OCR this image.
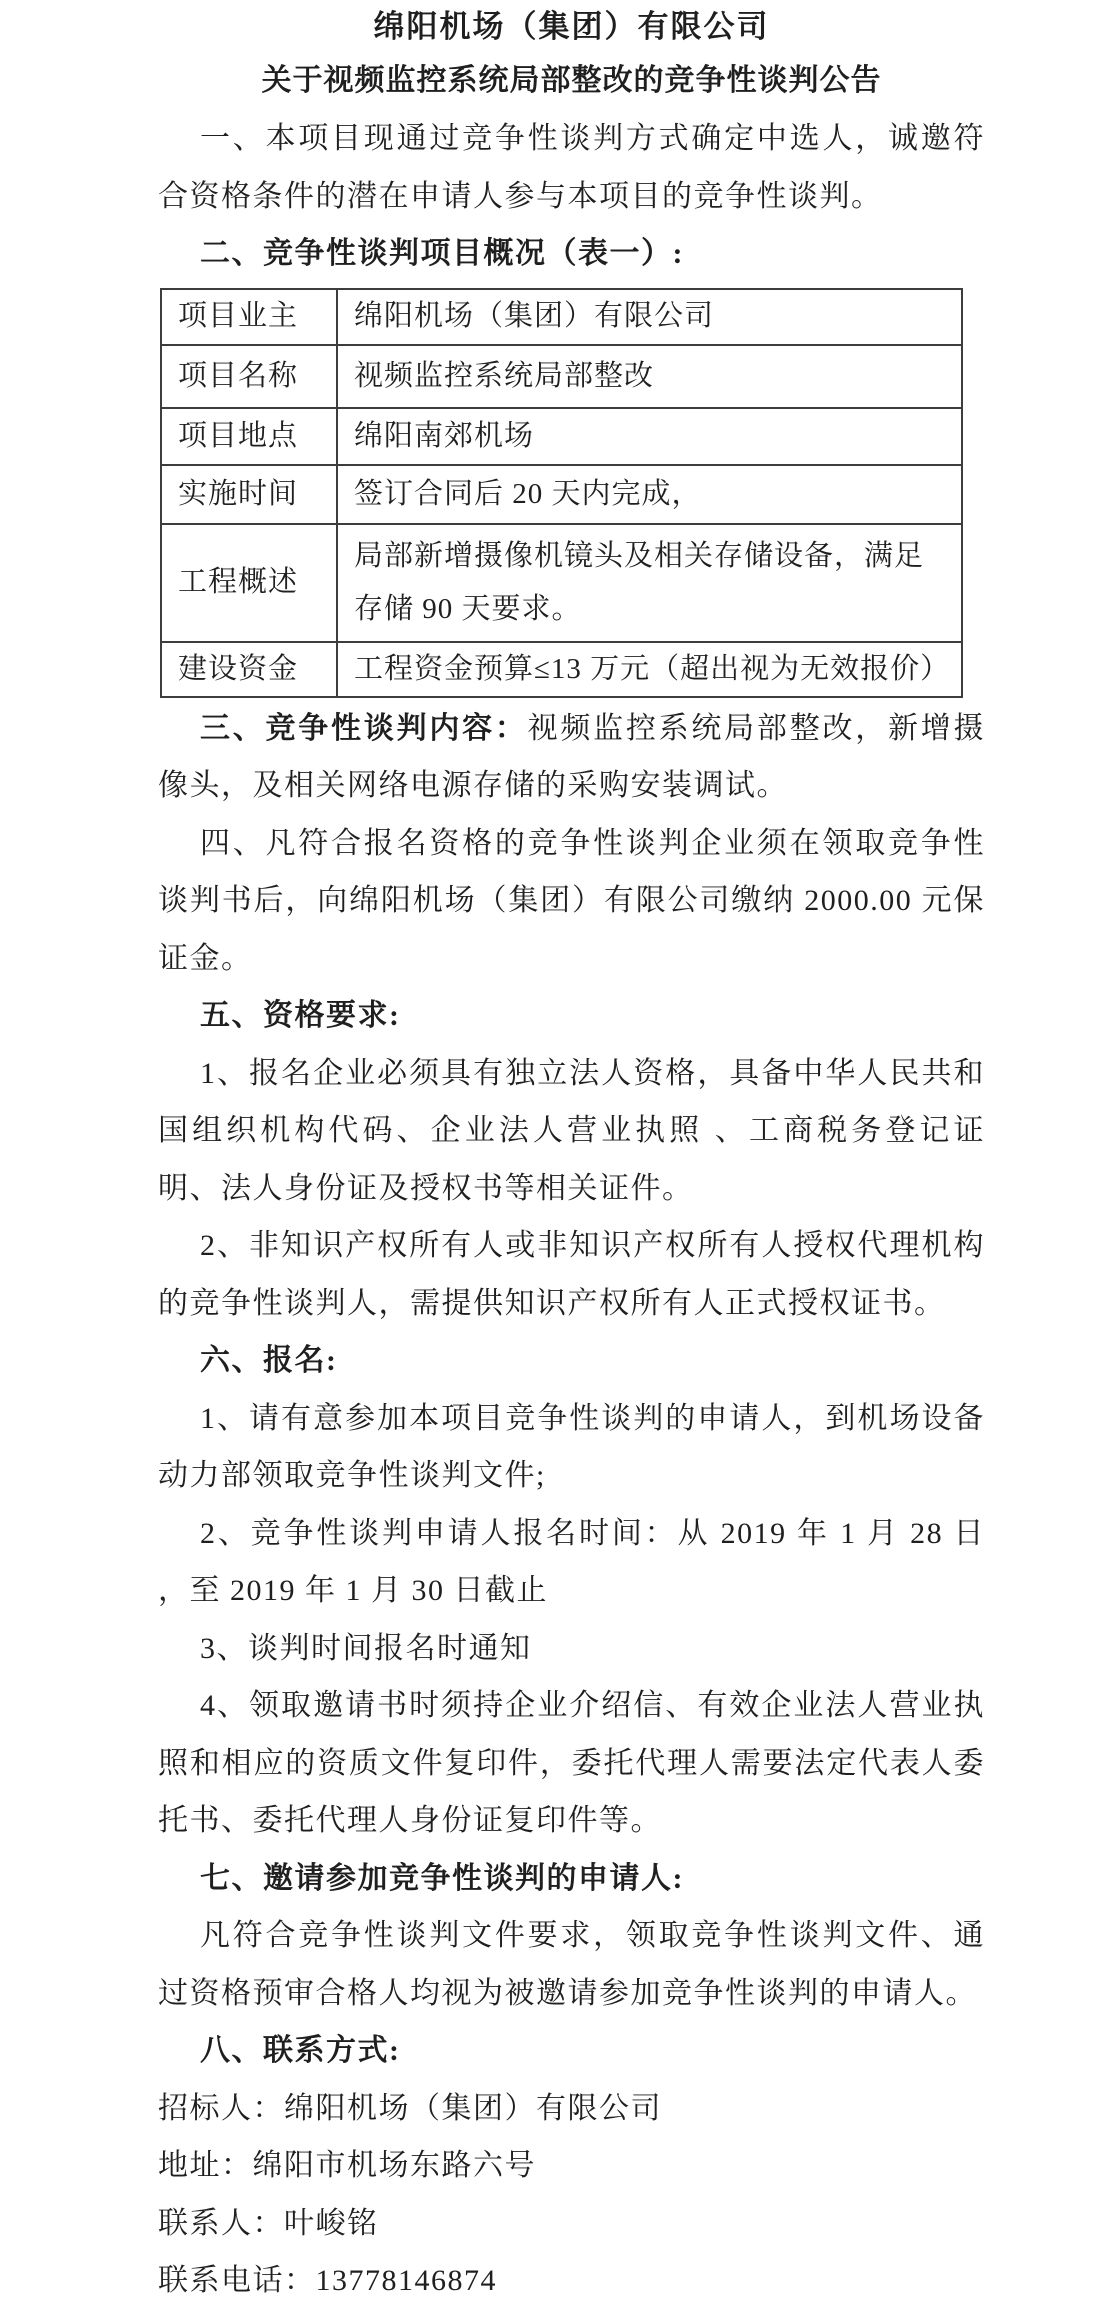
绵阳机场（集团）有限公司

关于视频监控系统局部整改的竞争性谈判公告

一、本项目现通过竞争性谈判方式确定中选人，诚邀符合资格条件的潜在申请人参与本项目的竞争性谈判。

二、竞争性谈判项目概况（表一）:

项目业主	绵阳机场（集团）有限公司
项目名称	视频监控系统局部整改
项目地点	绵阳南郊机场
实施时间	签订合同后 20 天内完成，
工程概述	局部新增摄像机镜头及相关存储设备，满足存储 90 天要求。
建设资金	工程资金预算≤13 万元（超出视为无效报价）

三、竞争性谈判内容：视频监控系统局部整改，新增摄像头，及相关网络电源存储的采购安装调试。

四、凡符合报名资格的竞争性谈判企业须在领取竞争性谈判书后，向绵阳机场（集团）有限公司缴纳 2000.00 元保证金。

五、资格要求:

1、报名企业必须具有独立法人资格，具备中华人民共和国组织机构代码、企业法人营业执照 、工商税务登记证明、法人身份证及授权书等相关证件。

2、非知识产权所有人或非知识产权所有人授权代理机构的竞争性谈判人，需提供知识产权所有人正式授权证书。

六、报名:

1、请有意参加本项目竞争性谈判的申请人，到机场设备动力部领取竞争性谈判文件;

2、竞争性谈判申请人报名时间：从 2019 年 1 月 28 日 ，至 2019 年 1 月 30 日截止

3、谈判时间报名时通知

4、领取邀请书时须持企业介绍信、有效企业法人营业执照和相应的资质文件复印件，委托代理人需要法定代表人委托书、委托代理人身份证复印件等。

七、邀请参加竞争性谈判的申请人:

凡符合竞争性谈判文件要求，领取竞争性谈判文件、通过资格预审合格人均视为被邀请参加竞争性谈判的申请人。

八、联系方式:

招标人：绵阳机场（集团）有限公司

地址：绵阳市机场东路六号

联系人：叶峻铭

联系电话：13778146874
